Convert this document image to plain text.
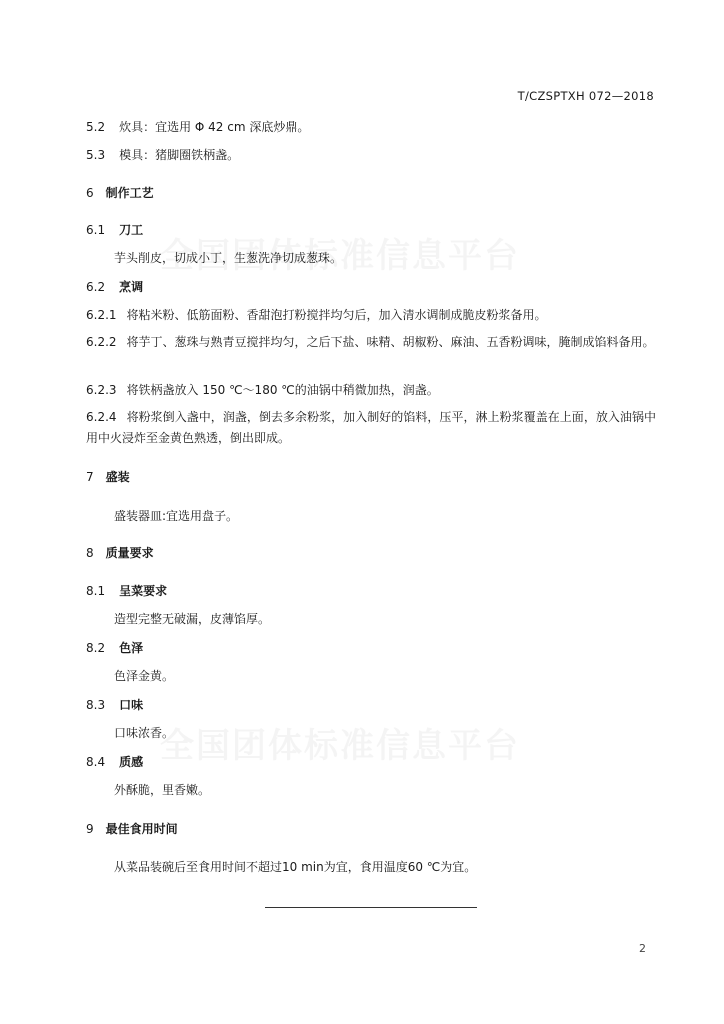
T/CZSPTXH 072—2018
5.2 炊具：宜选用 Φ 42 cm 深底炒鼎。
5.3 模具：猪脚圈铁柄盏。
6 制作工艺
6.1 刀工
芋头削皮，切成小丁，生葱洗净切成葱珠。
6.2 烹调
6.2.1 将粘米粉、低筋面粉、香甜泡打粉搅拌均匀后，加入清水调制成脆皮粉浆备用。
6.2.2 将芋丁、葱珠与熟青豆搅拌均匀，之后下盐、味精、胡椒粉、麻油、五香粉调味，腌制成馅料备用。
6.2.3 将铁柄盏放入 150 ℃～180 ℃的油锅中稍微加热，润盏。
6.2.4 将粉浆倒入盏中，润盏，倒去多余粉浆，加入制好的馅料，压平，淋上粉浆覆盖在上面，放入油锅中用中火浸炸至金黄色熟透，倒出即成。
7 盛装
盛装器皿:宜选用盘子。
8 质量要求
8.1 呈菜要求
造型完整无破漏，皮薄馅厚。
8.2 色泽
色泽金黄。
8.3 口味
口味浓香。
8.4 质感
外酥脆，里香嫩。
9 最佳食用时间
从菜品装碗后至食用时间不超过10 min为宜，食用温度60 ℃为宜。
2
